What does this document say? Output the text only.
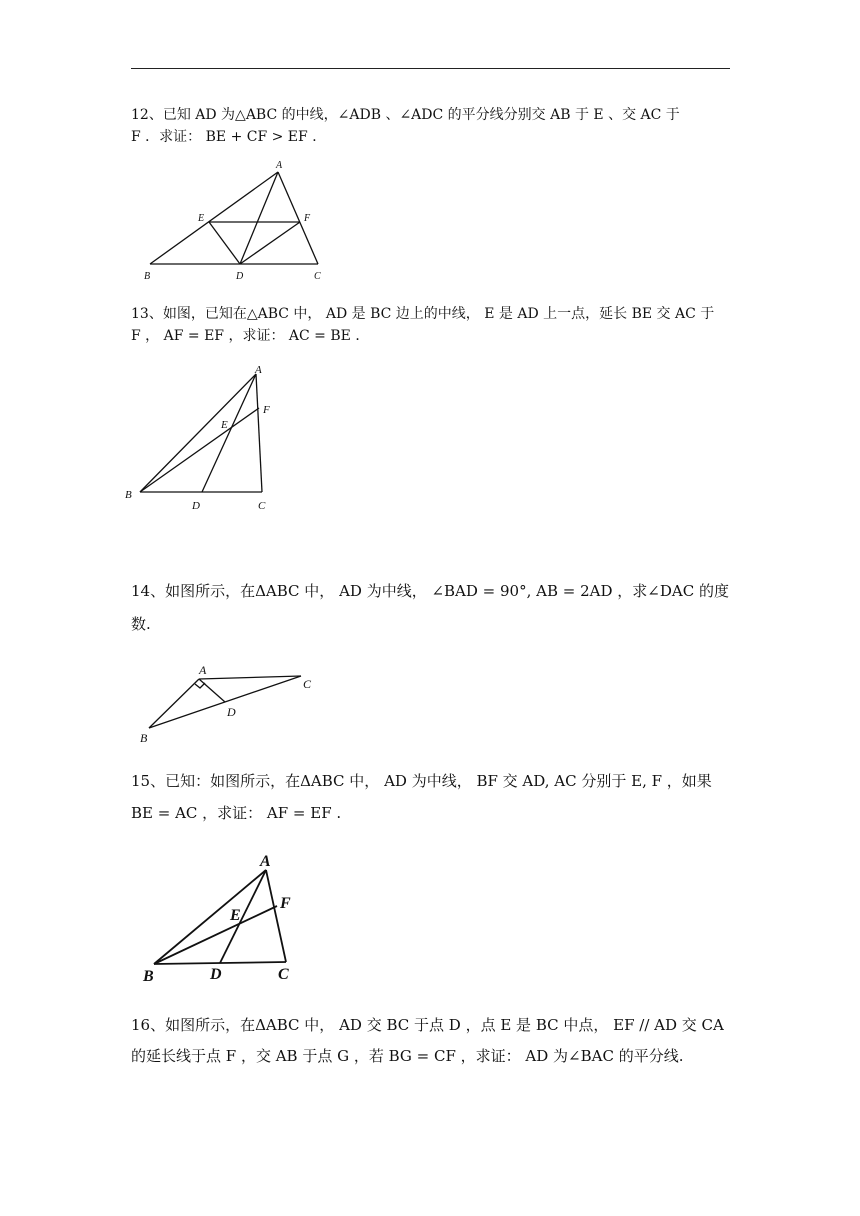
12、已知 AD 为△ABC 的中线，∠ADB 、∠ADC 的平分线分别交 AB 于 E 、交 AC 于
F ．求证： BE + CF > EF ．
A
E	F
B	D	C
13、如图，已知在△ABC 中， AD 是 BC 边上的中线， E 是 AD 上一点，延长 BE 交 AC 于
F ， AF = EF ，求证： AC = BE ．
A
F
E
B
D	C
14、如图所示，在ΔABC 中， AD 为中线， ∠BAD = 90°, AB = 2AD ，求∠DAC 的度
数.
A
C
D
B
15、已知：如图所示，在ΔABC 中， AD 为中线， BF 交 AD, AC 分别于 E, F ，如果
BE = AC ，求证： AF = EF .
A
F
E
B	D	C
16、如图所示，在ΔABC 中， AD 交 BC 于点 D ，点 E 是 BC 中点， EF // AD 交 CA
的延长线于点 F ，交 AB 于点 G ，若 BG = CF ，求证： AD 为∠BAC 的平分线.
